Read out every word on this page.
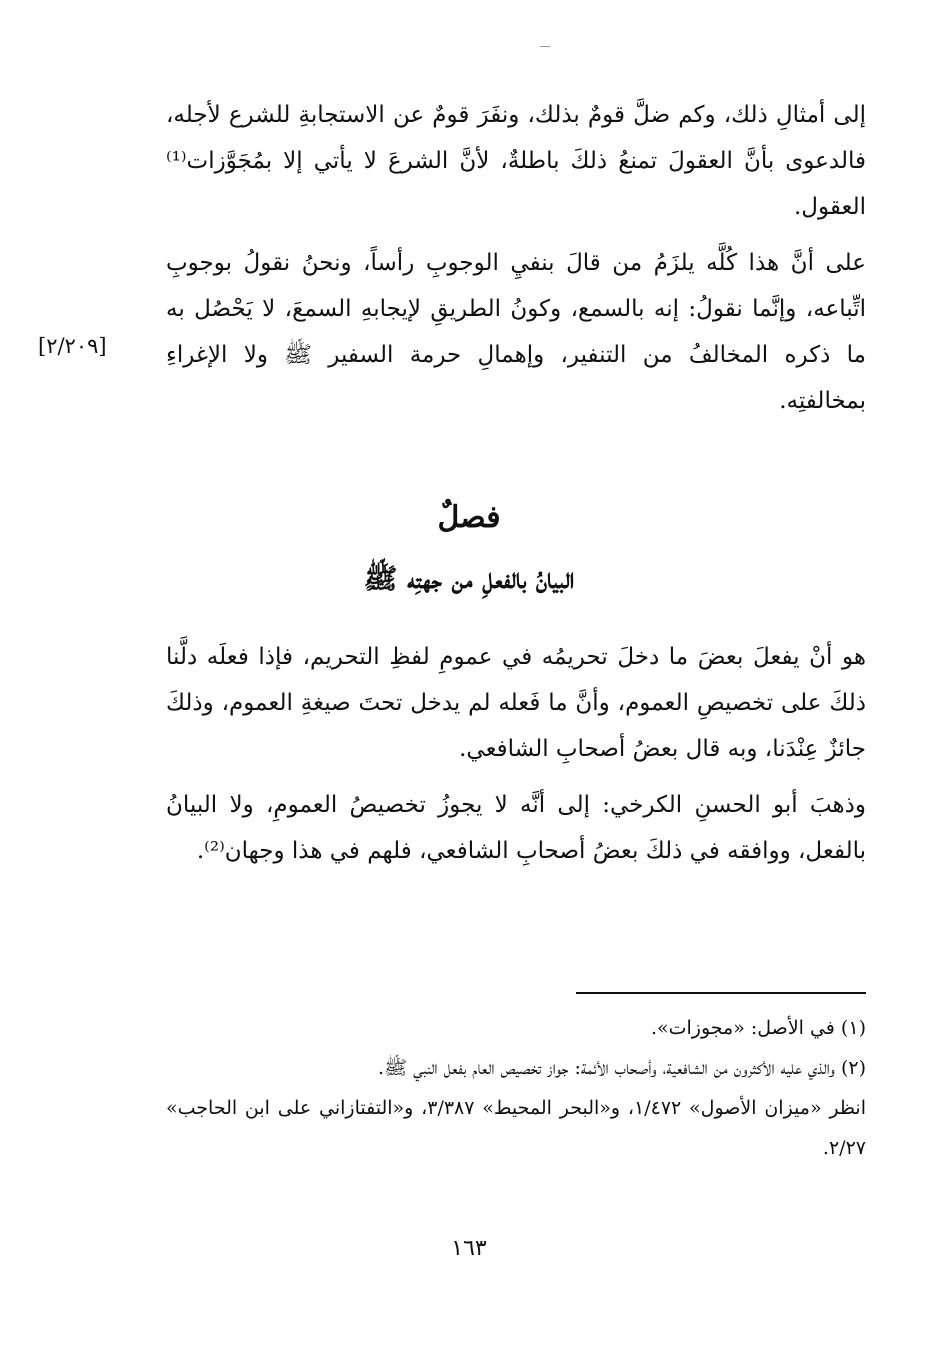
إلى أمثالِ ذلك، وكم ضلَّ قومٌ بذلك، ونفَرَ قومٌ عن الاستجابةِ للشرع لأجله، فالدعوى بأنَّ العقولَ تمنعُ ذلكَ باطلةٌ، لأنَّ الشرعَ لا يأتي إلا بمُجَوَّزات⁽¹⁾ العقول.

على أنَّ هذا كُلَّه يلزَمُ من قالَ بنفيِ الوجوبِ رأساً، ونحنُ نقولُ بوجوبِ اتِّباعه، وإنَّما نقولُ: إنه بالسمع، وكونُ الطريقِ لإيجابهِ السمعَ، لا يَحْصُل به ما ذكره المخالفُ من التنفير، وإهمالِ حرمة السفير ﷺ ولا الإغراءِ بمخالفتِه.

[٢/٢٠٩]
فصلٌ
البيانُ بالفعلِ من جهتِه ﷺ

هو أنْ يفعلَ بعضَ ما دخلَ تحريمُه في عمومِ لفظِ التحريم، فإذا فعلَه دلَّنا ذلكَ على تخصيصِ العموم، وأنَّ ما فَعله لم يدخل تحتَ صيغةِ العموم، وذلكَ جائزٌ عِنْدَنا، وبه قال بعضُ أصحابِ الشافعي.

وذهبَ أبو الحسنِ الكرخي: إلى أنَّه لا يجوزُ تخصيصُ العمومِ، ولا البيانُ بالفعل، ووافقه في ذلكَ بعضُ أصحابِ الشافعي، فلهم في هذا وجهان⁽²⁾.

(١) في الأصل: «مجوزات».

(٢) والذي عليه الأكثرون من الشافعية، وأصحاب الأئمة: جواز تخصيص العام بفعل النبي ﷺ.

انظر «ميزان الأصول» ١/٤٧٢، و«البحر المحيط» ٣/٣٨٧، و«التفتازاني على ابن الحاجب» ٢/٢٧.

١٦٣
